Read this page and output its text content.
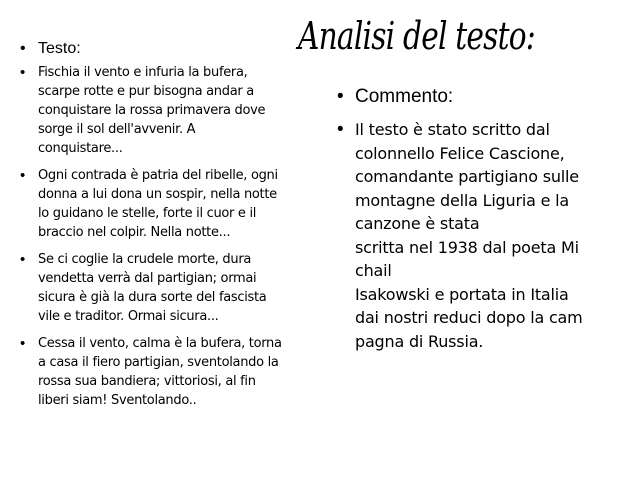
Analisi del testo:
• Testo:
• Fischia il vento e infuria la bufera,
scarpe rotte e pur bisogna andar a
conquistare la rossa primavera dove
sorge il sol dell'avvenir. A
conquistare...
• Ogni contrada è patria del ribelle, ogni
donna a lui dona un sospir, nella notte
lo guidano le stelle, forte il cuor e il
braccio nel colpir. Nella notte...
• Se ci coglie la crudele morte, dura
vendetta verrà dal partigian; ormai
sicura è già la dura sorte del fascista
vile e traditor. Ormai sicura...
• Cessa il vento, calma è la bufera, torna
a casa il fiero partigian, sventolando la
rossa sua bandiera; vittoriosi, al fin
liberi siam! Sventolando..
• Commento:
• Il testo è stato scritto dal
colonnello Felice Cascione,
comandante partigiano sulle
montagne della Liguria e la
canzone è stata
scritta nel 1938 dal poeta Mi
chail
Isakowski e portata in Italia
dai nostri reduci dopo la cam
pagna di Russia.
